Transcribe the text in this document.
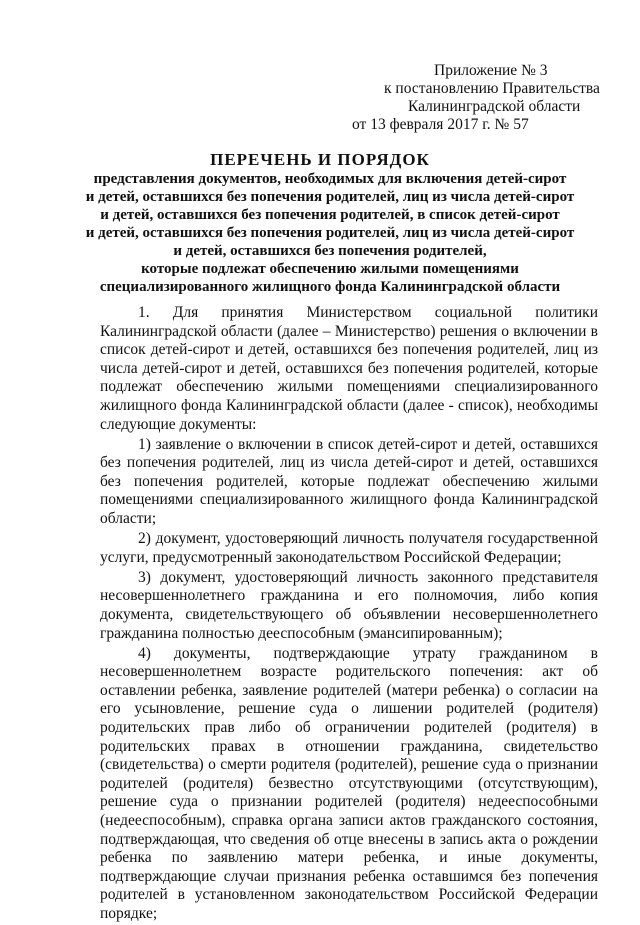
Приложение № 3
к постановлению Правительства
Калининградской области
от 13 февраля 2017 г. № 57
ПЕРЕЧЕНЬ И ПОРЯДОК
представления документов, необходимых для включения детей-сирот
и детей, оставшихся без попечения родителей, лиц из числа детей-сирот
и детей, оставшихся без попечения родителей, в список детей-сирот
и детей, оставшихся без попечения родителей, лиц из числа детей-сирот
и детей, оставшихся без попечения родителей,
которые подлежат обеспечению жилыми помещениями
специализированного жилищного фонда Калининградской области

1. Для принятия Министерством социальной политики Калининградской области (далее – Министерство) решения о включении в список детей-сирот и детей, оставшихся без попечения родителей, лиц из числа детей-сирот и детей, оставшихся без попечения родителей, которые подлежат обеспечению жилыми помещениями специализированного жилищного фонда Калининградской области (далее - список), необходимы следующие документы:

1) заявление о включении в список детей-сирот и детей, оставшихся без попечения родителей, лиц из числа детей-сирот и детей, оставшихся без попечения родителей, которые подлежат обеспечению жилыми помещениями специализированного жилищного фонда Калининградской области;

2) документ, удостоверяющий личность получателя государственной услуги, предусмотренный законодательством Российской Федерации;

3) документ, удостоверяющий личность законного представителя несовершеннолетнего гражданина и его полномочия, либо копия документа, свидетельствующего об объявлении несовершеннолетнего гражданина полностью дееспособным (эмансипированным);

4) документы, подтверждающие утрату гражданином в несовершеннолетнем возрасте родительского попечения: акт об оставлении ребенка, заявление родителей (матери ребенка) о согласии на его усыновление, решение суда о лишении родителей (родителя) родительских прав либо об ограничении родителей (родителя) в родительских правах в отношении гражданина, свидетельство (свидетельства) о смерти родителя (родителей), решение суда о признании родителей (родителя) безвестно отсутствующими (отсутствующим), решение суда о признании родителей (родителя) недееспособными (недееспособным), справка органа записи актов гражданского состояния, подтверждающая, что сведения об отце внесены в запись акта о рождении ребенка по заявлению матери ребенка, и иные документы, подтверждающие случаи признания ребенка оставшимся без попечения родителей в установленном законодательством Российской Федерации порядке;
